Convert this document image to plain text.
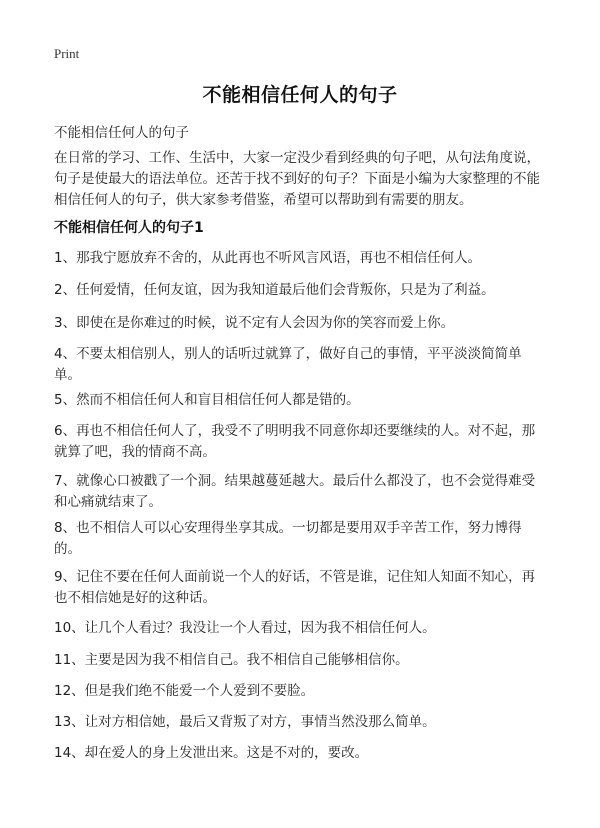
Print
不能相信任何人的句子
不能相信任何人的句子

在日常的学习、工作、生活中，大家一定没少看到经典的句子吧，从句法角度说，句子是使最大的语法单位。还苦于找不到好的句子？下面是小编为大家整理的不能相信任何人的句子，供大家参考借鉴，希望可以帮助到有需要的朋友。

不能相信任何人的句子1

1、那我宁愿放弃不舍的，从此再也不听风言风语，再也不相信任何人。

2、任何爱情，任何友谊，因为我知道最后他们会背叛你，只是为了利益。

3、即使在是你难过的时候，说不定有人会因为你的笑容而爱上你。

4、不要太相信别人，别人的话听过就算了，做好自己的事情，平平淡淡简简单单。

5、然而不相信任何人和盲目相信任何人都是错的。

6、再也不相信任何人了，我受不了明明我不同意你却还要继续的人。对不起，那就算了吧，我的情商不高。

7、就像心口被戳了一个洞。结果越蔓延越大。最后什么都没了，也不会觉得难受和心痛就结束了。

8、也不相信人可以心安理得坐享其成。一切都是要用双手辛苦工作，努力博得的。

9、记住不要在任何人面前说一个人的好话，不管是谁，记住知人知面不知心，再也不相信她是好的这种话。

10、让几个人看过？我没让一个人看过，因为我不相信任何人。

11、主要是因为我不相信自己。我不相信自己能够相信你。

12、但是我们绝不能爱一个人爱到不要脸。

13、让对方相信她，最后又背叛了对方，事情当然没那么简单。

14、却在爱人的身上发泄出来。这是不对的，要改。
